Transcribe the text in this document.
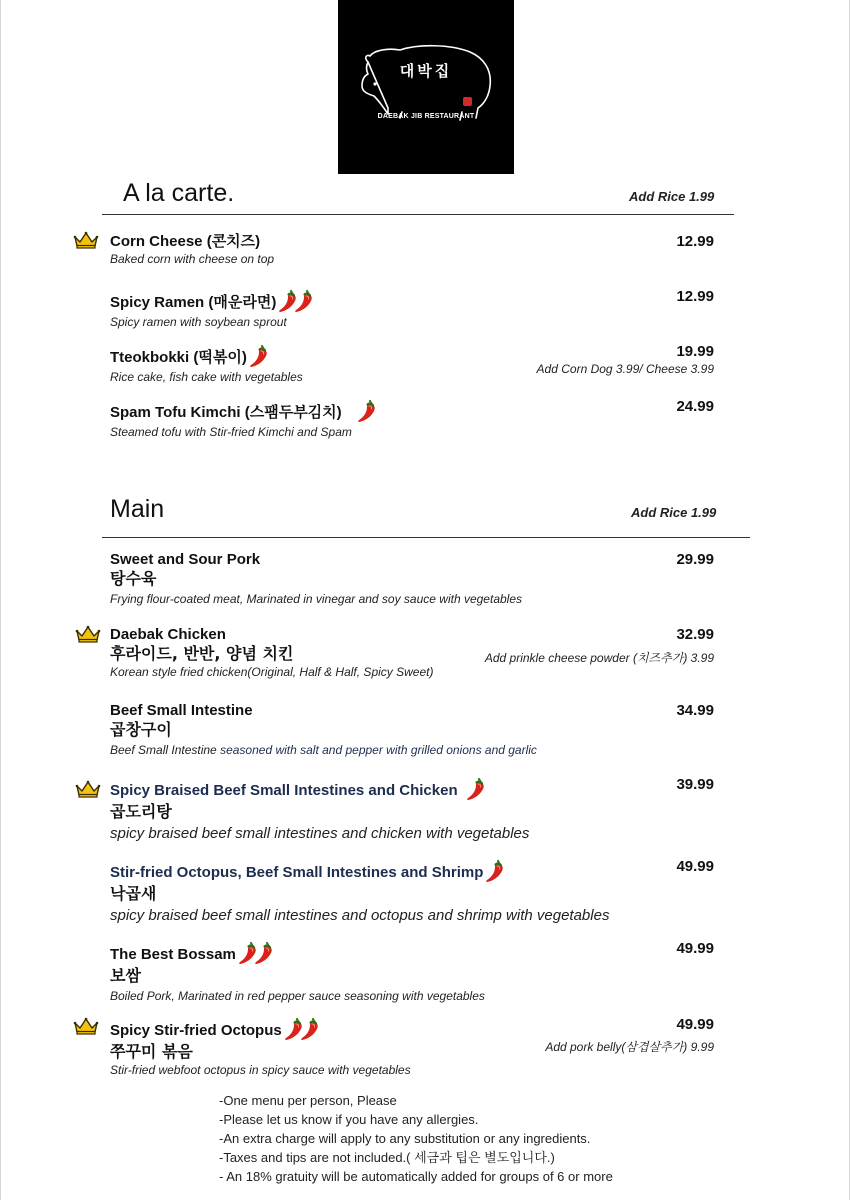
대박집
DAEBAK JIB RESTAURANT
A la carte.	Add Rice 1.99
Corn Cheese (콘치즈)
Baked corn with cheese on top
12.99
Spicy Ramen (매운라면)
Spicy ramen with soybean sprout
12.99
Tteokbokki (떡볶이)
Rice cake, fish cake with vegetables
19.99
Add Corn Dog 3.99/ Cheese 3.99
Spam Tofu Kimchi (스팸두부김치)
Steamed tofu with Stir-fried Kimchi and Spam
24.99
Main	Add Rice 1.99
Sweet and Sour Pork
탕수육
Frying flour-coated meat, Marinated in vinegar and soy sauce with vegetables
29.99
Daebak Chicken
후라이드, 반반, 양념 치킨
Korean style fried chicken(Original, Half & Half, Spicy Sweet)
32.99
Add prinkle cheese powder (치즈추가) 3.99
Beef Small Intestine
곱창구이
Beef Small Intestine seasoned with salt and pepper with grilled onions and garlic
34.99
Spicy Braised Beef Small Intestines and Chicken
곱도리탕
spicy braised beef small intestines and chicken with vegetables
39.99
Stir-fried Octopus, Beef Small Intestines and Shrimp
낙곱새
spicy braised beef small intestines and octopus and shrimp with vegetables
49.99
The Best Bossam
보쌈
Boiled Pork, Marinated in red pepper sauce seasoning with vegetables
49.99
Spicy Stir-fried Octopus
쭈꾸미 볶음
Stir-fried webfoot octopus in spicy sauce with vegetables
49.99
Add pork belly(삼겹살추가) 9.99
-One menu per person, Please
-Please let us know if you have any allergies.
-An extra charge will apply to any substitution or any ingredients.
-Taxes and tips are not included.( 세금과 팁은 별도입니다.)
- An 18% gratuity will be automatically added for groups of 6 or more
